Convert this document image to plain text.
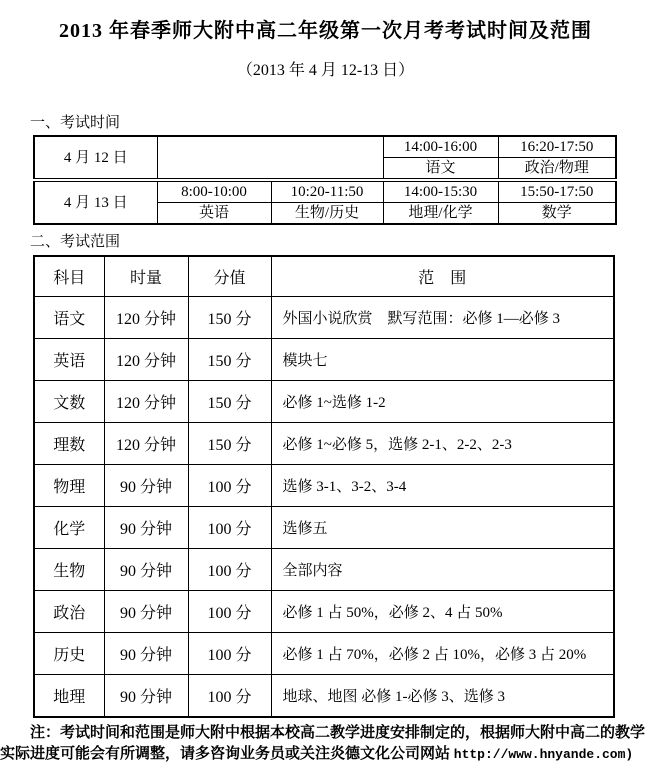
2013 年春季师大附中高二年级第一次月考考试时间及范围
（2013 年 4 月 12-13 日）
一、考试时间
4 月 12 日			14:00-16:00	16:20-17:50
			语文	政治/物理
4 月 13 日	8:00-10:00	10:20-11:50	14:00-15:30	15:50-17:50
	英语	生物/历史	地理/化学	数学
二、考试范围
科目	时量	分值	范　围
语文	120 分钟	150 分	外国小说欣赏　默写范围：必修 1—必修 3
英语	120 分钟	150 分	模块七
文数	120 分钟	150 分	必修 1~选修 1-2
理数	120 分钟	150 分	必修 1~必修 5，选修 2-1、2-2、2-3
物理	90 分钟	100 分	选修 3-1、3-2、3-4
化学	90 分钟	100 分	选修五
生物	90 分钟	100 分	全部内容
政治	90 分钟	100 分	必修 1 占 50%，必修 2、4 占 50%
历史	90 分钟	100 分	必修 1 占 70%，必修 2 占 10%，必修 3 占 20%
地理	90 分钟	100 分	地球、地图 必修 1-必修 3、选修 3

注：考试时间和范围是师大附中根据本校高二教学进度安排制定的，根据师大附中高二的教学实际进度可能会有所调整，请多咨询业务员或关注炎德文化公司网站 http://www.hnyande.com)
